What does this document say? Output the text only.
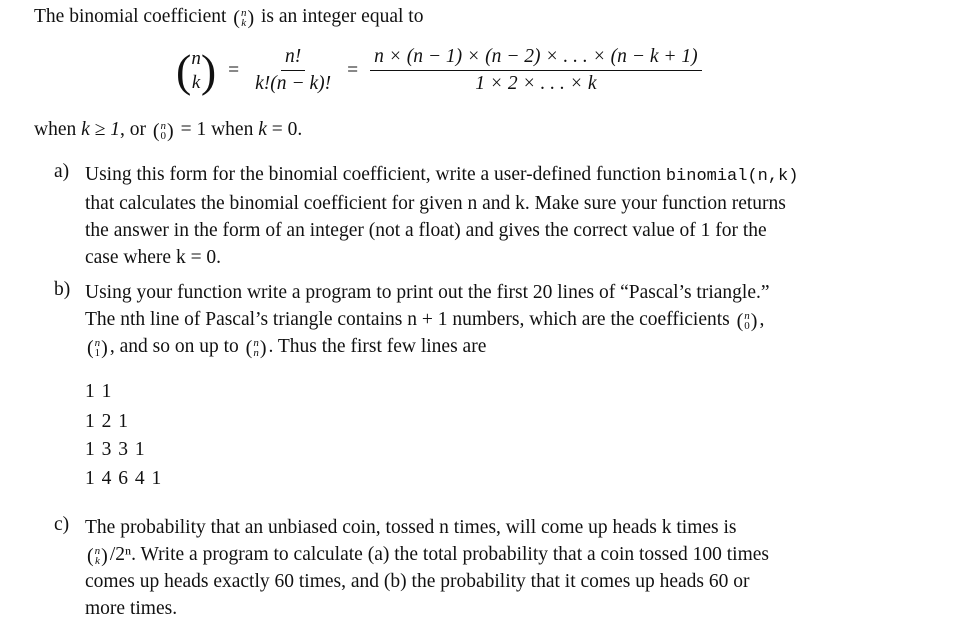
The binomial coefficient ( n
k ) is an integer equal to
( n
k ) = $\frac{n!}{k!(n - k)!} = \frac{n \times (n - 1) \times (n - 2) \times . . . \times (n - k + 1)}{1 \times 2 \times . . . \times k}$
when k ≥ 1, or ( n
0 ) = 1 when k = 0.
a) Using this form for the binomial coefficient, write a user-defined function binomial(n,k)
that calculates the binomial coefficient for given n and k. Make sure your function returns
the answer in the form of an integer (not a float) and gives the correct value of 1 for the
case where k = 0.
b) Using your function write a program to print out the first 20 lines of “Pascal’s triangle.”
The nth line of Pascal’s triangle contains n + 1 numbers, which are the coefficients ( n
0 ) ,
( n
1 ) , and so on up to ( n
n ) . Thus the first few lines are
1 1
1 2 1
1 3 3 1
1 4 6 4 1
c) The probability that an unbiased coin, tossed n times, will come up heads k times is
( n
k ) /2ⁿ. Write a program to calculate (a) the total probability that a coin tossed 100 times
comes up heads exactly 60 times, and (b) the probability that it comes up heads 60 or
more times.
